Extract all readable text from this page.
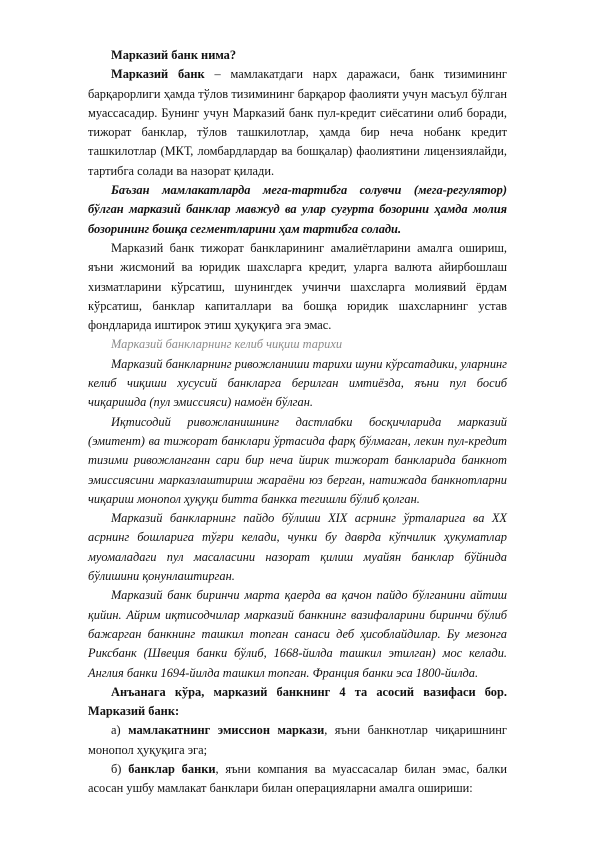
Марказий банк нима?

Марказий банк – мамлакатдаги нарх даражаси, банк тизимининг барқарорлиги ҳамда тўлов тизимининг барқарор фаолияти учун масъул бўлган муассасадир. Бунинг учун Марказий банк пул-кредит сиёсатини олиб боради, тижорат банклар, тўлов ташкилотлар, ҳамда бир неча нобанк кредит ташкилотлар (МКТ, ломбардлардар ва бошқалар) фаолиятини лицензиялайди, тартибга солади ва назорат қилади.

Баъзан мамлакатларда мега-тартибга солувчи (мега-регулятор) бўлган марказий банклар мавжуд ва улар суғурта бозорини ҳамда молия бозорининг бошқа сегментларини ҳам тартибга солади.

Марказий банк тижорат банкларининг амалиётларини амалга ошириш, яъни жисмоний ва юридик шахсларга кредит, уларга валюта айирбошлаш хизматларини кўрсатиш, шунингдек учинчи шахсларга молиявий ёрдам кўрсатиш, банклар капиталлари ва бошқа юридик шахсларнинг устав фондларида иштирок этиш ҳуқуқига эга эмас.

Марказий банкларнинг келиб чиқиш тарихи

Марказий банкларнинг ривожланиши тарихи шуни кўрсатадики, уларнинг келиб чиқиши хусусий банкларга берилган имтиёзда, яъни пул босиб чиқаришда (пул эмиссияси) намоён бўлган.

Иқтисодий ривожланишнинг дастлабки босқичларида марказий (эмитент) ва тижорат банклари ўртасида фарқ бўлмаган, лекин пул-кредит тизими ривожланганн сари бир неча йирик тижорат банкларида банкнот эмиссиясини марказлаштириш жараёни юз берган, натижада банкнотларни чиқариш монопол ҳуқуқи битта банкка тегишли бўлиб қолган.

Марказий банкларнинг пайдо бўлиши XIX асрнинг ўрталарига ва XX асрнинг бошларига тўғри келади, чунки бу даврда кўпчилик ҳукуматлар муомаладаги пул масаласини назорат қилиш муайян банклар бўйнида бўлишини қонунлаштирган.

Марказий банк биринчи марта қаерда ва қачон пайдо бўлганини айтиш қийин. Айрим иқтисодчилар марказий банкнинг вазифаларини биринчи бўлиб бажарган банкнинг ташкил топган санаси деб ҳисоблайдилар. Бу мезонга Риксбанк (Швеция банки бўлиб, 1668-йилда ташкил этилган) мос келади. Англия банки 1694-йилда ташкил топган. Франция банки эса 1800-йилда.

Анъанага кўра, марказий банкнинг 4 та асосий вазифаси бор. Марказий банк:

а) мамлакатнинг эмиссион маркази, яъни банкнотлар чиқаришнинг монопол ҳуқуқига эга;

б) банклар банки, яъни компания ва муассасалар билан эмас, балки асосан ушбу мамлакат банклари билан операцияларни амалга ошириши:
